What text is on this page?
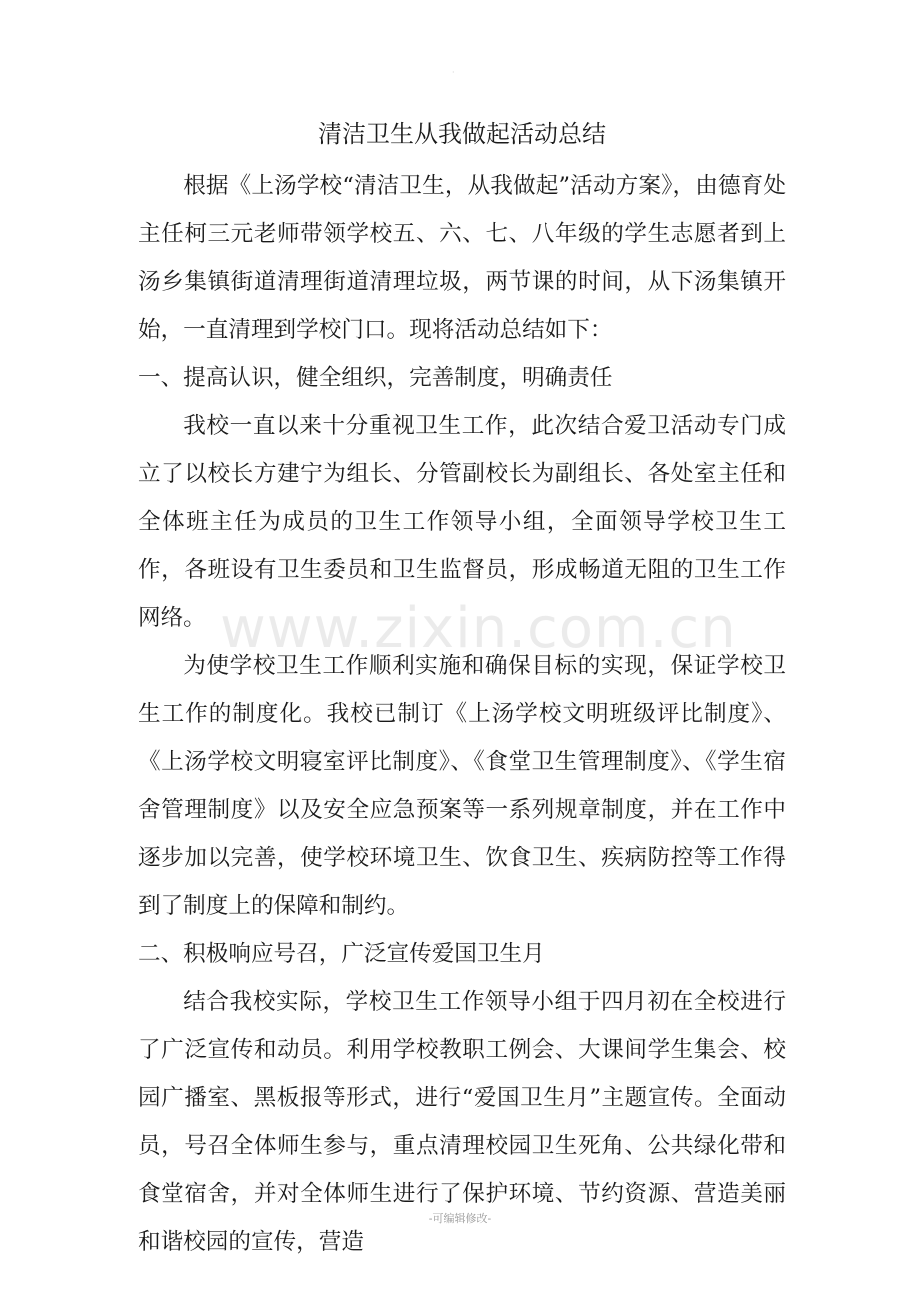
·
www.zixin.com.cn
清洁卫生从我做起活动总结

根据《上汤学校“清洁卫生，从我做起”活动方案》，由德育处主任柯三元老师带领学校五、六、七、八年级的学生志愿者到上汤乡集镇街道清理街道清理垃圾，两节课的时间，从下汤集镇开始，一直清理到学校门口。现将活动总结如下：

一、提高认识，健全组织，完善制度，明确责任

我校一直以来十分重视卫生工作，此次结合爱卫活动专门成立了以校长方建宁为组长、分管副校长为副组长、各处室主任和全体班主任为成员的卫生工作领导小组，全面领导学校卫生工作，各班设有卫生委员和卫生监督员，形成畅道无阻的卫生工作网络。

为使学校卫生工作顺利实施和确保目标的实现，保证学校卫生工作的制度化。我校已制订《上汤学校文明班级评比制度》、《上汤学校文明寝室评比制度》、《食堂卫生管理制度》、《学生宿舍管理制度》以及安全应急预案等一系列规章制度，并在工作中逐步加以完善，使学校环境卫生、饮食卫生、疾病防控等工作得到了制度上的保障和制约。

二、积极响应号召，广泛宣传爱国卫生月

结合我校实际，学校卫生工作领导小组于四月初在全校进行了广泛宣传和动员。利用学校教职工例会、大课间学生集会、校园广播室、黑板报等形式，进行“爱国卫生月”主题宣传。全面动员，号召全体师生参与，重点清理校园卫生死角、公共绿化带和食堂宿舍，并对全体师生进行了保护环境、节约资源、营造美丽和谐校园的宣传，营造

-可编辑修改-
